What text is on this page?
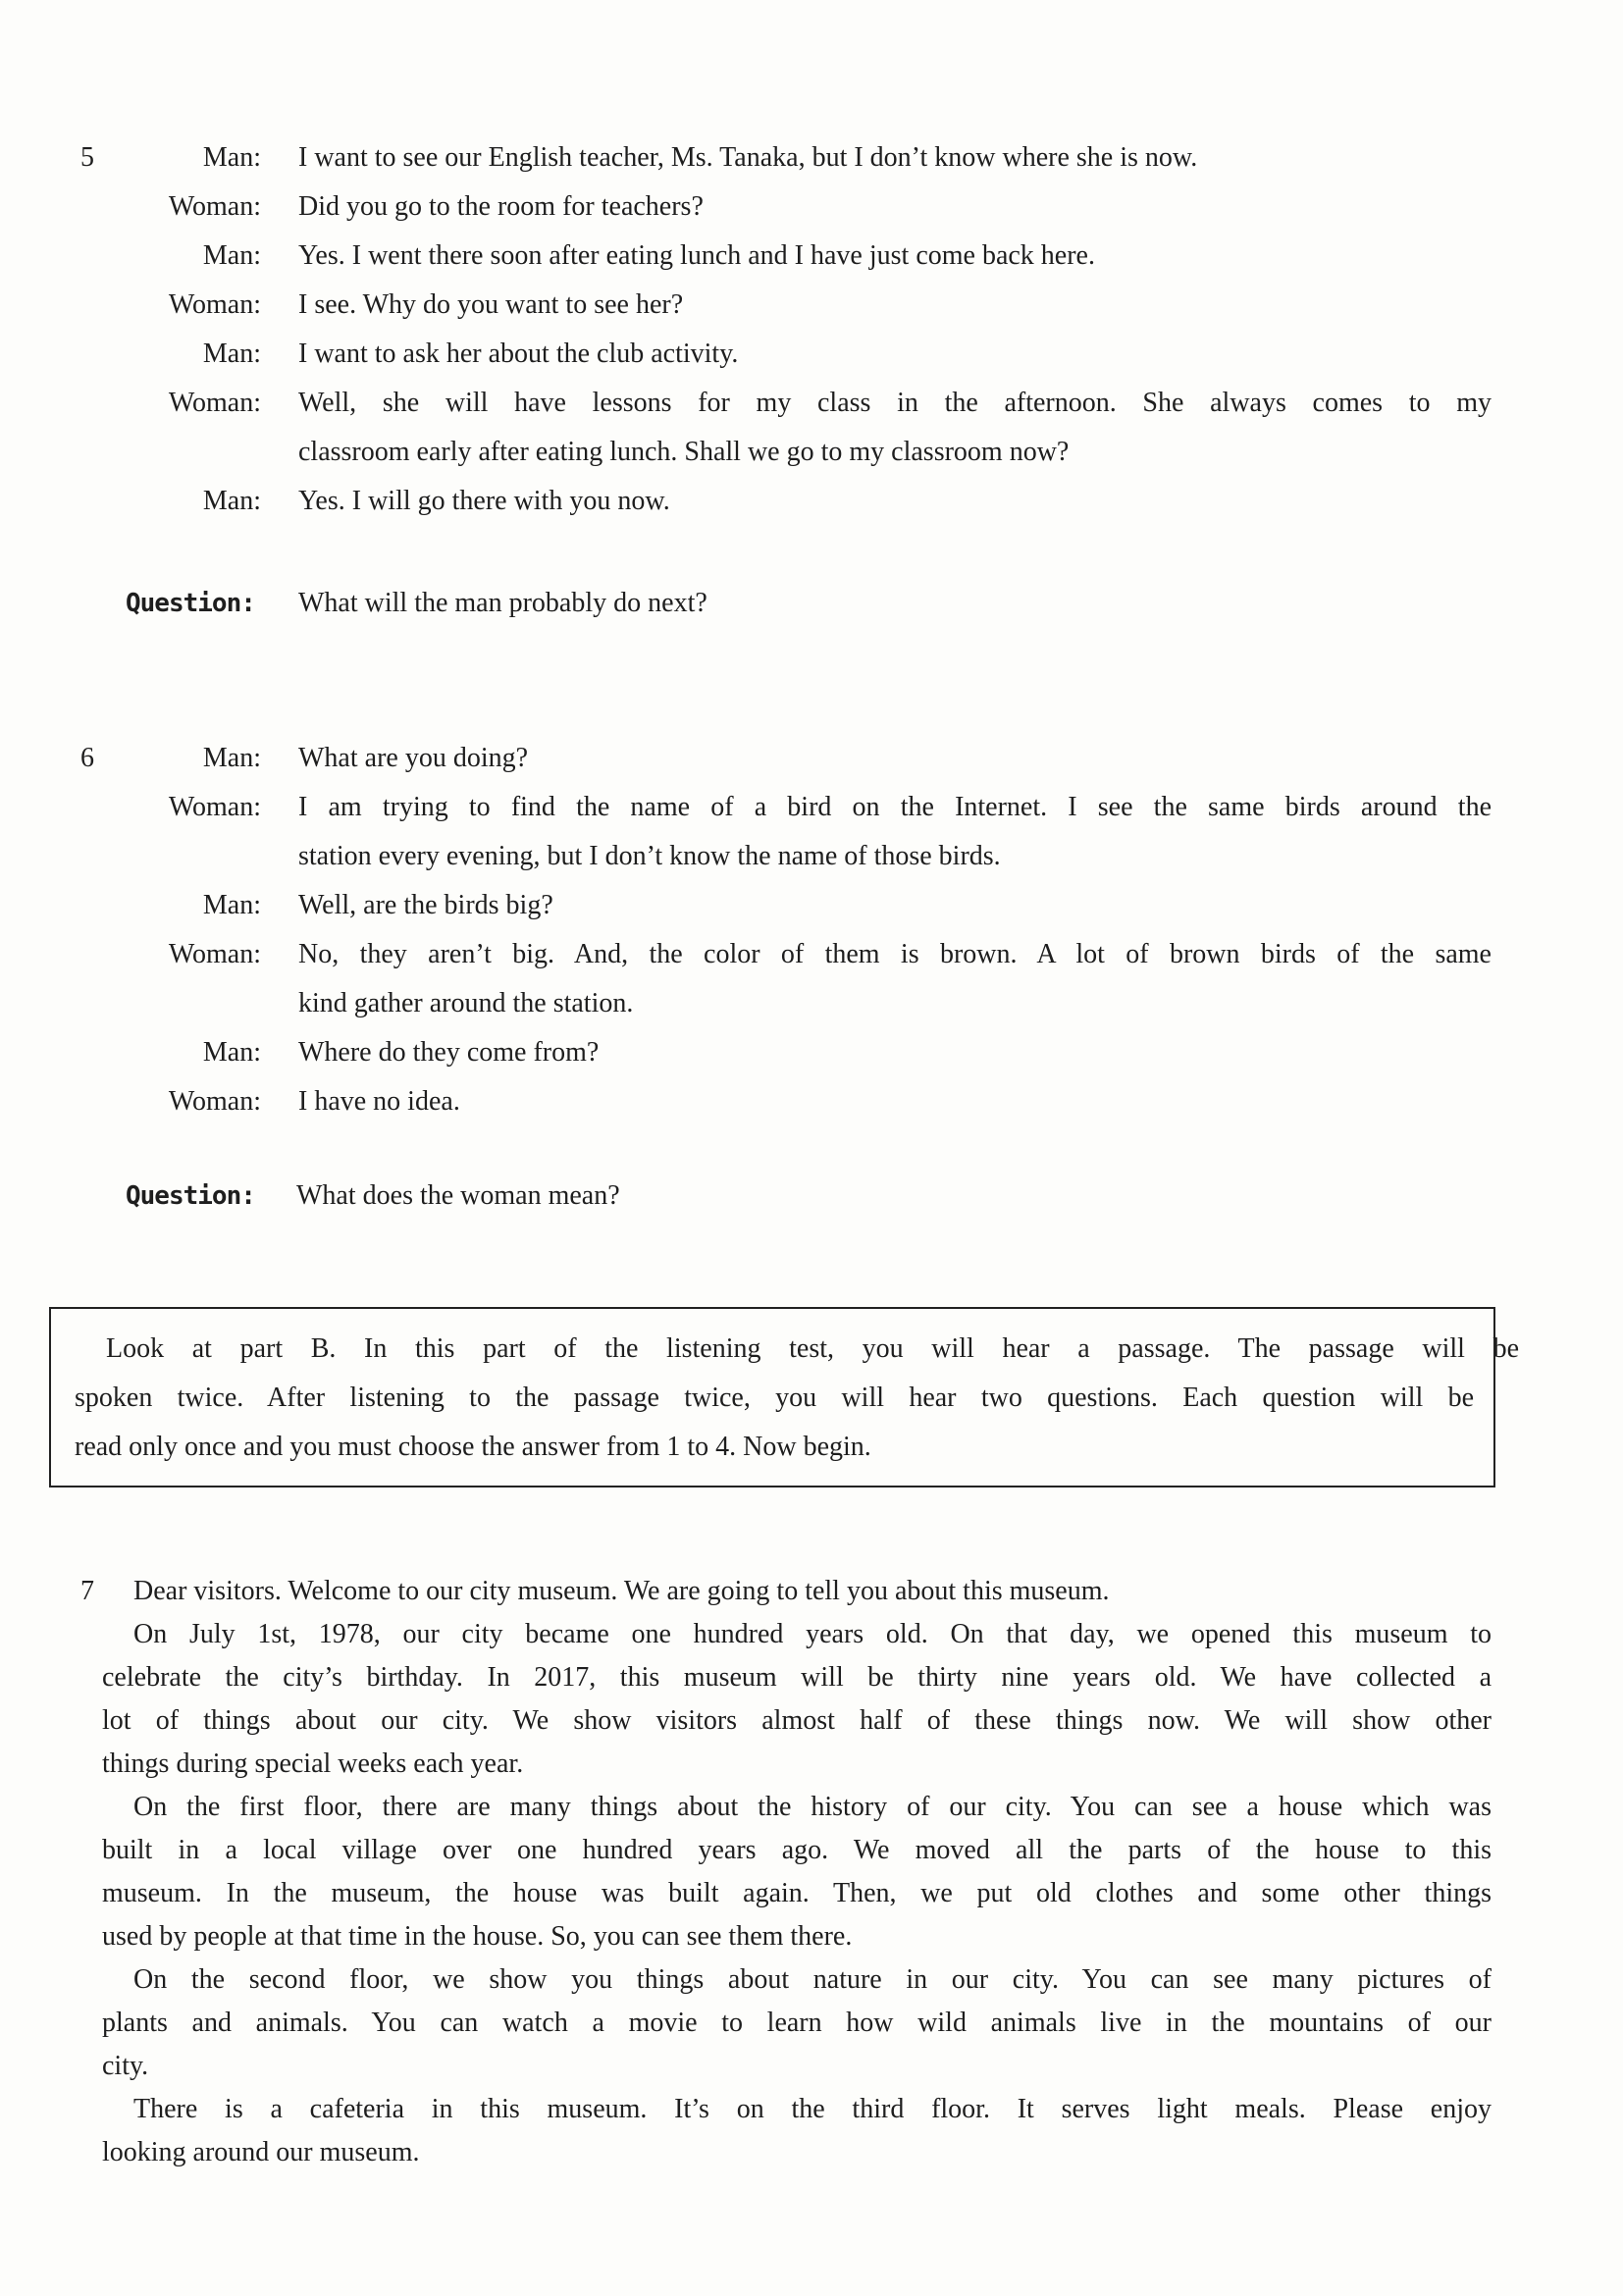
5	Man: I want to see our English teacher, Ms. Tanaka, but I don’t know where she is now.
Woman: Did you go to the room for teachers?
Man: Yes. I went there soon after eating lunch and I have just come back here.
Woman: I see. Why do you want to see her?
Man: I want to ask her about the club activity.
Woman: Well, she will have lessons for my class in the afternoon. She always comes to my
classroom early after eating lunch. Shall we go to my classroom now?
Man: Yes. I will go there with you now.
Question: What will the man probably do next?
6	Man: What are you doing?
Woman: I am trying to find the name of a bird on the Internet. I see the same birds around the
station every evening, but I don’t know the name of those birds.
Man: Well, are the birds big?
Woman: No, they aren’t big. And, the color of them is brown. A lot of brown birds of the same
kind gather around the station.
Man: Where do they come from?
Woman: I have no idea.
Question: What does the woman mean?
Look at part B. In this part of the listening test, you will hear a passage. The passage will be
spoken twice. After listening to the passage twice, you will hear two questions. Each question will be
read only once and you must choose the answer from 1 to 4. Now begin.
7 Dear visitors. Welcome to our city museum. We are going to tell you about this museum.
On July 1st, 1978, our city became one hundred years old. On that day, we opened this museum to
celebrate the city’s birthday. In 2017, this museum will be thirty nine years old. We have collected a
lot of things about our city. We show visitors almost half of these things now. We will show other
things during special weeks each year.
On the first floor, there are many things about the history of our city. You can see a house which was
built in a local village over one hundred years ago. We moved all the parts of the house to this
museum. In the museum, the house was built again. Then, we put old clothes and some other things
used by people at that time in the house. So, you can see them there.
On the second floor, we show you things about nature in our city. You can see many pictures of
plants and animals. You can watch a movie to learn how wild animals live in the mountains of our
city.
There is a cafeteria in this museum. It’s on the third floor. It serves light meals. Please enjoy
looking around our museum.
